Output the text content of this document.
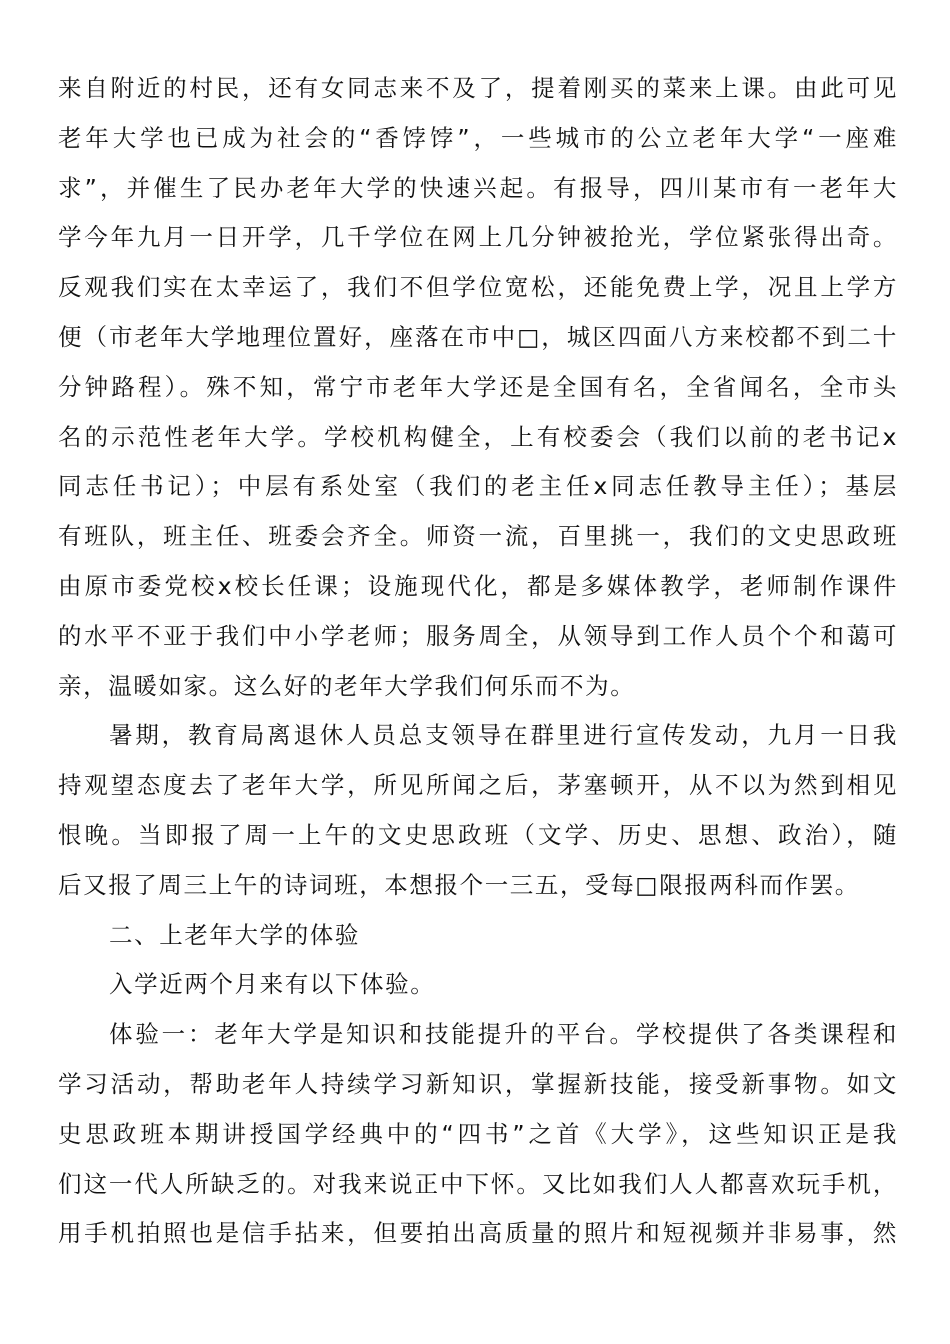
来自附近的村民，还有女同志来不及了，提着刚买的菜来上课。由此可见
老年大学也已成为社会的“香饽饽”，一些城市的公立老年大学“一座难
求”，并催生了民办老年大学的快速兴起。有报导，四川某市有一老年大
学今年九月一日开学，几千学位在网上几分钟被抢光，学位紧张得出奇。
反观我们实在太幸运了，我们不但学位宽松，还能免费上学，况且上学方
便（市老年大学地理位置好，座落在市中□，城区四面八方来校都不到二十
分钟路程）。殊不知，常宁市老年大学还是全国有名，全省闻名，全市头
名的示范性老年大学。学校机构健全，上有校委会（我们以前的老书记x
同志任书记）；中层有系处室（我们的老主任x同志任教导主任）；基层
有班队，班主任、班委会齐全。师资一流，百里挑一，我们的文史思政班
由原市委党校x校长任课；设施现代化，都是多媒体教学，老师制作课件
的水平不亚于我们中小学老师；服务周全，从领导到工作人员个个和蔼可
亲，温暖如家。这么好的老年大学我们何乐而不为。
暑期，教育局离退休人员总支领导在群里进行宣传发动，九月一日我
持观望态度去了老年大学，所见所闻之后，茅塞顿开，从不以为然到相见
恨晚。当即报了周一上午的文史思政班（文学、历史、思想、政治），随
后又报了周三上午的诗词班，本想报个一三五，受每□限报两科而作罢。
二、上老年大学的体验
入学近两个月来有以下体验。
体验一：老年大学是知识和技能提升的平台。学校提供了各类课程和
学习活动，帮助老年人持续学习新知识，掌握新技能，接受新事物。如文
史思政班本期讲授国学经典中的“四书”之首《大学》，这些知识正是我
们这一代人所缺乏的。对我来说正中下怀。又比如我们人人都喜欢玩手机，
用手机拍照也是信手拈来，但要拍出高质量的照片和短视频并非易事，然
